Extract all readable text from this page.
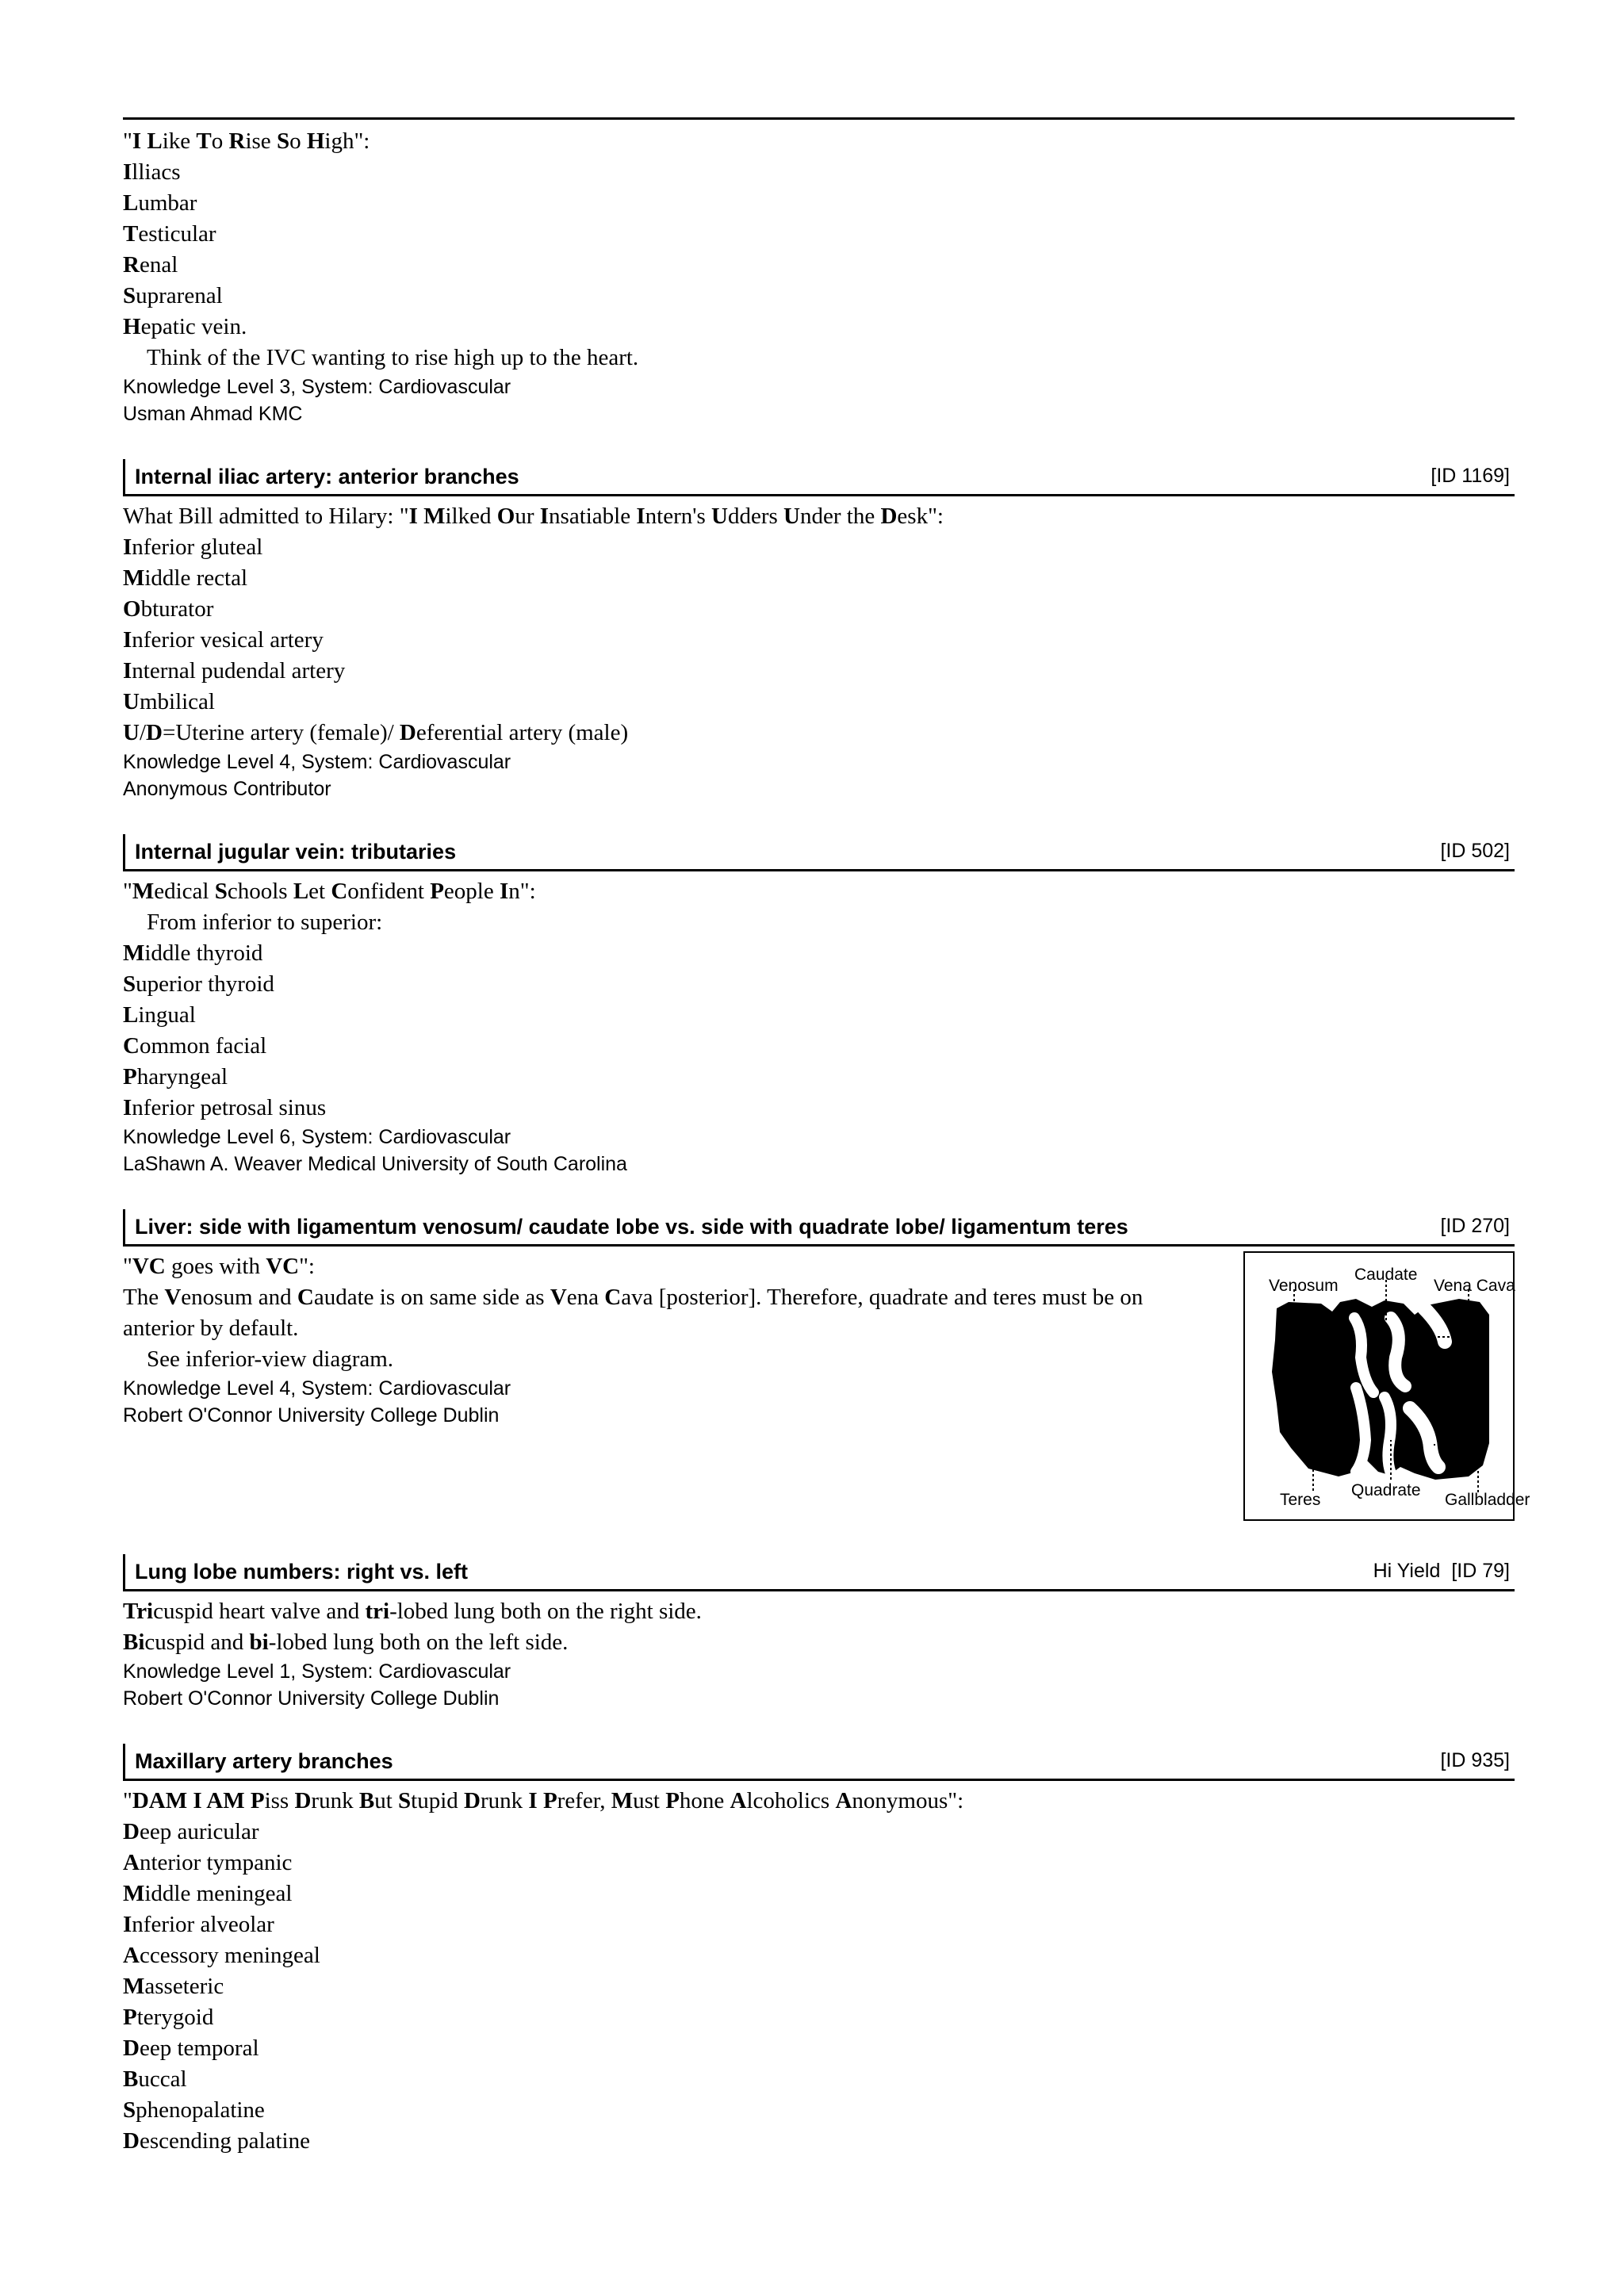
"I Like To Rise So High":
Illiacs
Lumbar
Testicular
Renal
Suprarenal
Hepatic vein.
Think of the IVC wanting to rise high up to the heart.
Knowledge Level 3, System: Cardiovascular
Usman Ahmad KMC
Internal iliac artery: anterior branches	[ID 1169]
What Bill admitted to Hilary: "I Milked Our Insatiable Intern's Udders Under the Desk":
Inferior gluteal
Middle rectal
Obturator
Inferior vesical artery
Internal pudendal artery
Umbilical
U/D=Uterine artery (female)/ Deferential artery (male)
Knowledge Level 4, System: Cardiovascular
Anonymous Contributor
Internal jugular vein: tributaries	[ID 502]
"Medical Schools Let Confident People In":
From inferior to superior:
Middle thyroid
Superior thyroid
Lingual
Common facial
Pharyngeal
Inferior petrosal sinus
Knowledge Level 6, System: Cardiovascular
LaShawn A. Weaver Medical University of South Carolina
Liver: side with ligamentum venosum/ caudate lobe vs. side with quadrate lobe/ ligamentum teres	[ID 270]
"VC goes with VC":
The Venosum and Caudate is on same side as Vena Cava [posterior]. Therefore, quadrate and teres must be on anterior by default.
See inferior-view diagram.
Knowledge Level 4, System: Cardiovascular
Robert O'Connor University College Dublin
Venosum
Caudate
Vena Cava
Teres
Quadrate
Gallbladder
Lung lobe numbers: right vs. left	Hi Yield [ID 79]
Tricuspid heart valve and tri-lobed lung both on the right side.
Bicuspid and bi-lobed lung both on the left side.
Knowledge Level 1, System: Cardiovascular
Robert O'Connor University College Dublin
Maxillary artery branches	[ID 935]
"DAM I AM Piss Drunk But Stupid Drunk I Prefer, Must Phone Alcoholics Anonymous":
Deep auricular
Anterior tympanic
Middle meningeal
Inferior alveolar
Accessory meningeal
Masseteric
Pterygoid
Deep temporal
Buccal
Sphenopalatine
Descending palatine
